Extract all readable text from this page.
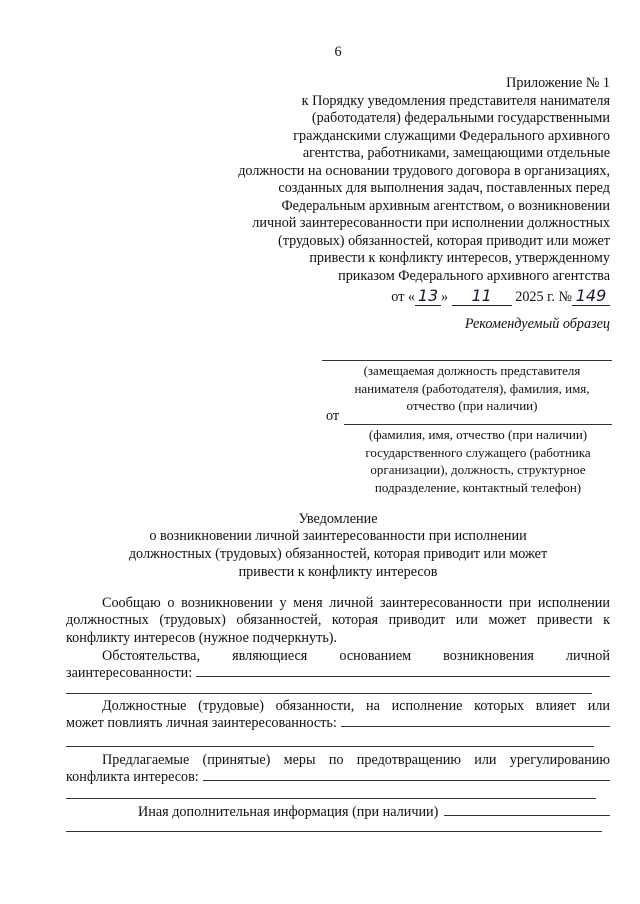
6
Приложение № 1
к Порядку уведомления представителя нанимателя
(работодателя) федеральными государственными
гражданскими служащими Федерального архивного
агентства, работниками, замещающими отдельные
должности на основании трудового договора в организациях,
созданных для выполнения задач, поставленных перед
Федеральным архивным агентством, о возникновении
личной заинтересованности при исполнении должностных
(трудовых) обязанностей, которая приводит или может
привести к конфликту интересов, утвержденному
приказом Федерального архивного агентства
от « 13 » 11 2025 г. № 149
Рекомендуемый образец
(замещаемая должность представителя нанимателя (работодателя), фамилия, имя, отчество (при наличии)
от
(фамилия, имя, отчество (при наличии) государственного служащего (работника организации), должность, структурное подразделение, контактный телефон)
Уведомление
о возникновении личной заинтересованности при исполнении
должностных (трудовых) обязанностей, которая приводит или может
привести к конфликту интересов
Сообщаю о возникновении у меня личной заинтересованности при исполнении должностных (трудовых) обязанностей, которая приводит или может привести к конфликту интересов (нужное подчеркнуть).
Обстоятельства, являющиеся основанием возникновения личной
заинтересованности:
Должностные (трудовые) обязанности, на исполнение которых влияет или
может повлиять личная заинтересованность:
Предлагаемые (принятые) меры по предотвращению или урегулированию
конфликта интересов:
Иная дополнительная информация (при наличии)
